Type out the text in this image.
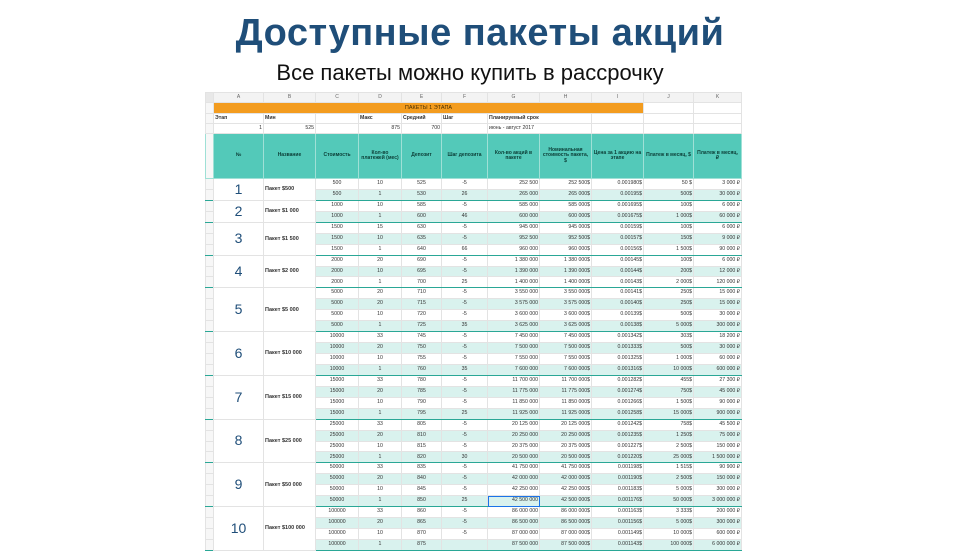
Доступные пакеты акций
Все пакеты можно купить в рассрочку
	A	B	C	D	E	F	G	H	I	J	K
	ПАКЕТЫ 1 ЭТАПА										
	Этап	Мин		Макс	Средний	Шаг	Планируемый срок				
	1	525		875	700		июнь - август 2017				
	№	Название	Стоимость	Кол-во платежей (мес)	Депозит	Шаг депозита	Кол-во акций в пакете	Номинальная стоимость пакета, $	Цена за 1 акцию на этапе	Платеж в месяц, $	Платеж в месяц, ₽
	1	Пакет $500	500	10	525	-5	252 500	252 500$	0.001980$	50 $	3 000 ₽
			500	1	530	26	265 000	265 000$	0.00195$	500$	30 000 ₽
	2	Пакет $1 000	1000	10	585	-5	585 000	585 000$	0.001695$	100$	6 000 ₽
			1000	1	600	46	600 000	600 000$	0.001675$	1 000$	60 000 ₽
	3	Пакет $1 500	1500	15	630	-5	945 000	945 000$	0.00159$	100$	6 000 ₽
			1500	10	635	-5	952 500	952 500$	0.00157$	150$	9 000 ₽
			1500	1	640	66	960 000	960 000$	0.00156$	1 500$	90 000 ₽
	4	Пакет $2 000	2000	20	690	-5	1 380 000	1 380 000$	0.00145$	100$	6 000 ₽
			2000	10	695	-5	1 390 000	1 390 000$	0.00144$	200$	12 000 ₽
			2000	1	700	25	1 400 000	1 400 000$	0.00143$	2 000$	120 000 ₽
	5	Пакет $5 000	5000	20	710	-5	3 550 000	3 550 000$	0.00141$	250$	15 000 ₽
			5000	20	715	-5	3 575 000	3 575 000$	0.00140$	250$	15 000 ₽
			5000	10	720	-5	3 600 000	3 600 000$	0.00139$	500$	30 000 ₽
			5000	1	725	35	3 625 000	3 625 000$	0.00138$	5 000$	300 000 ₽
	6	Пакет $10 000	10000	33	745	-5	7 450 000	7 450 000$	0.001342$	303$	18 200 ₽
			10000	20	750	-5	7 500 000	7 500 000$	0.001333$	500$	30 000 ₽
			10000	10	755	-5	7 550 000	7 550 000$	0.001325$	1 000$	60 000 ₽
			10000	1	760	35	7 600 000	7 600 000$	0.001316$	10 000$	600 000 ₽
	7	Пакет $15 000	15000	33	780	-5	11 700 000	11 700 000$	0.001282$	455$	27 300 ₽
			15000	20	785	-5	11 775 000	11 775 000$	0.001274$	750$	45 000 ₽
			15000	10	790	-5	11 850 000	11 850 000$	0.001266$	1 500$	90 000 ₽
			15000	1	795	25	11 925 000	11 925 000$	0.001258$	15 000$	900 000 ₽
	8	Пакет $25 000	25000	33	805	-5	20 125 000	20 125 000$	0.001242$	758$	45 500 ₽
			25000	20	810	-5	20 250 000	20 250 000$	0.001235$	1 250$	75 000 ₽
			25000	10	815	-5	20 375 000	20 375 000$	0.001227$	2 500$	150 000 ₽
			25000	1	820	30	20 500 000	20 500 000$	0.001220$	25 000$	1 500 000 ₽
	9	Пакет $50 000	50000	33	835	-5	41 750 000	41 750 000$	0.001198$	1 515$	90 900 ₽
			50000	20	840	-5	42 000 000	42 000 000$	0.001190$	2 500$	150 000 ₽
			50000	10	845	-5	42 250 000	42 250 000$	0.001183$	5 000$	300 000 ₽
			50000	1	850	25	42 500 000	42 500 000$	0.001176$	50 000$	3 000 000 ₽
	10	Пакет $100 000	100000	33	860	-5	86 000 000	86 000 000$	0.001163$	3 333$	200 000 ₽
			100000	20	865	-5	86 500 000	86 500 000$	0.001156$	5 000$	300 000 ₽
			100000	10	870	-5	87 000 000	87 000 000$	0.001149$	10 000$	600 000 ₽
			100000	1	875		87 500 000	87 500 000$	0.001143$	100 000$	6 000 000 ₽
